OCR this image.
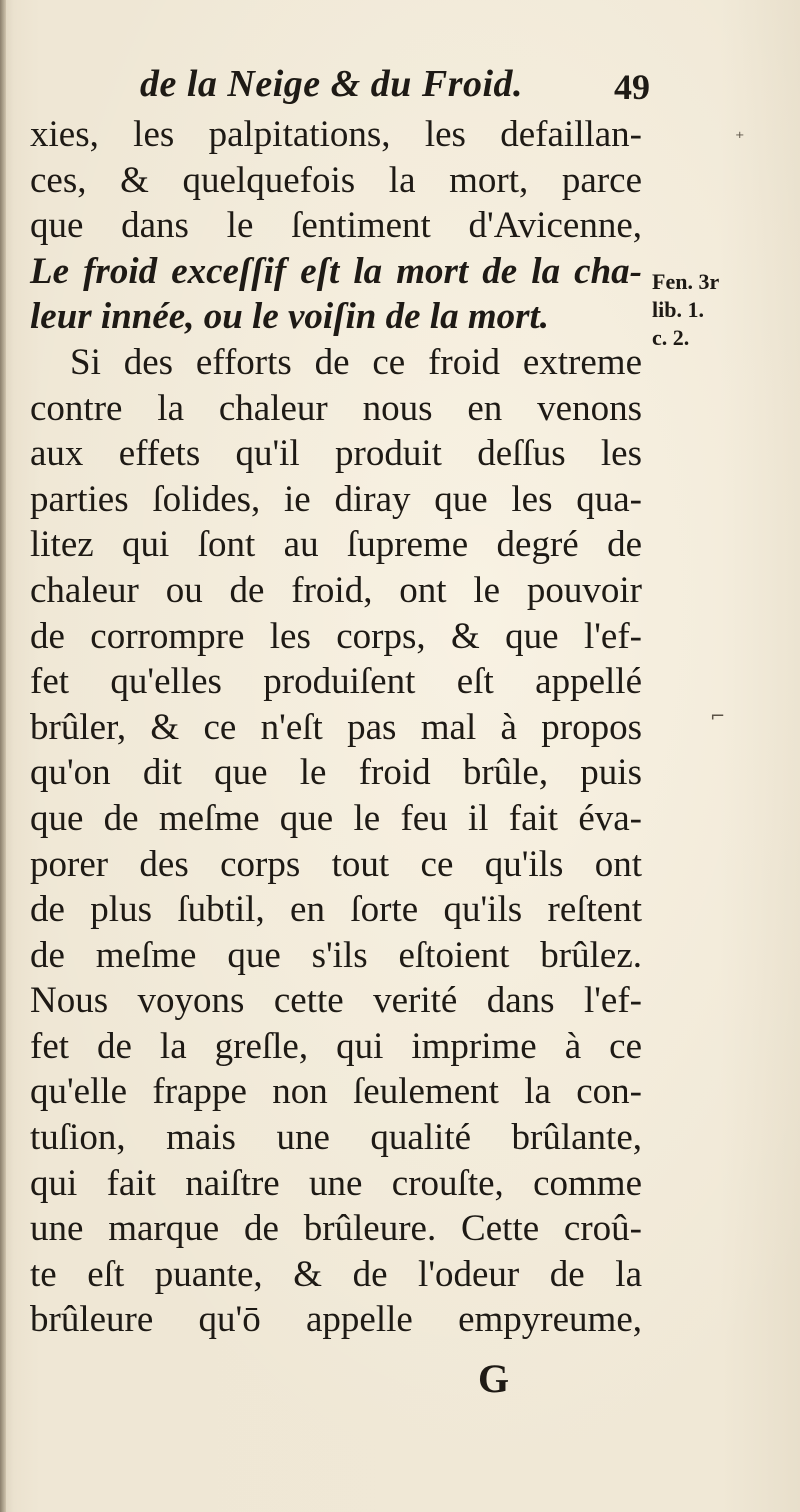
de la Neige & du Froid.	49
xies, les palpitations, les defaillan-
ces, & quelquefois la mort, parce
que dans le ſentiment d'Avicenne,
Le froid exceſſif eſt la mort de la cha-
leur innée, ou le voiſin de la mort.
Si des efforts de ce froid extreme
contre la chaleur nous en venons
aux effets qu'il produit deſſus les
parties ſolides, ie diray que les qua-
litez qui ſont au ſupreme degré de
chaleur ou de froid, ont le pouvoir
de corrompre les corps, & que l'ef-
fet qu'elles produiſent eſt appellé
brûler, & ce n'eſt pas mal à propos
qu'on dit que le froid brûle, puis
que de meſme que le feu il fait éva-
porer des corps tout ce qu'ils ont
de plus ſubtil, en ſorte qu'ils reſtent
de meſme que s'ils eſtoient brûlez.
Nous voyons cette verité dans l'ef-
fet de la greſle, qui imprime à ce
qu'elle frappe non ſeulement la con-
tuſion, mais une qualité brûlante,
qui fait naiſtre une crouſte, comme
une marque de brûleure. Cette croû-
te eſt puante, & de l'odeur de la
brûleure qu'ō appelle empyreume,
Fen. 3r
lib. 1.
c. 2.
G
⁺
⌐
